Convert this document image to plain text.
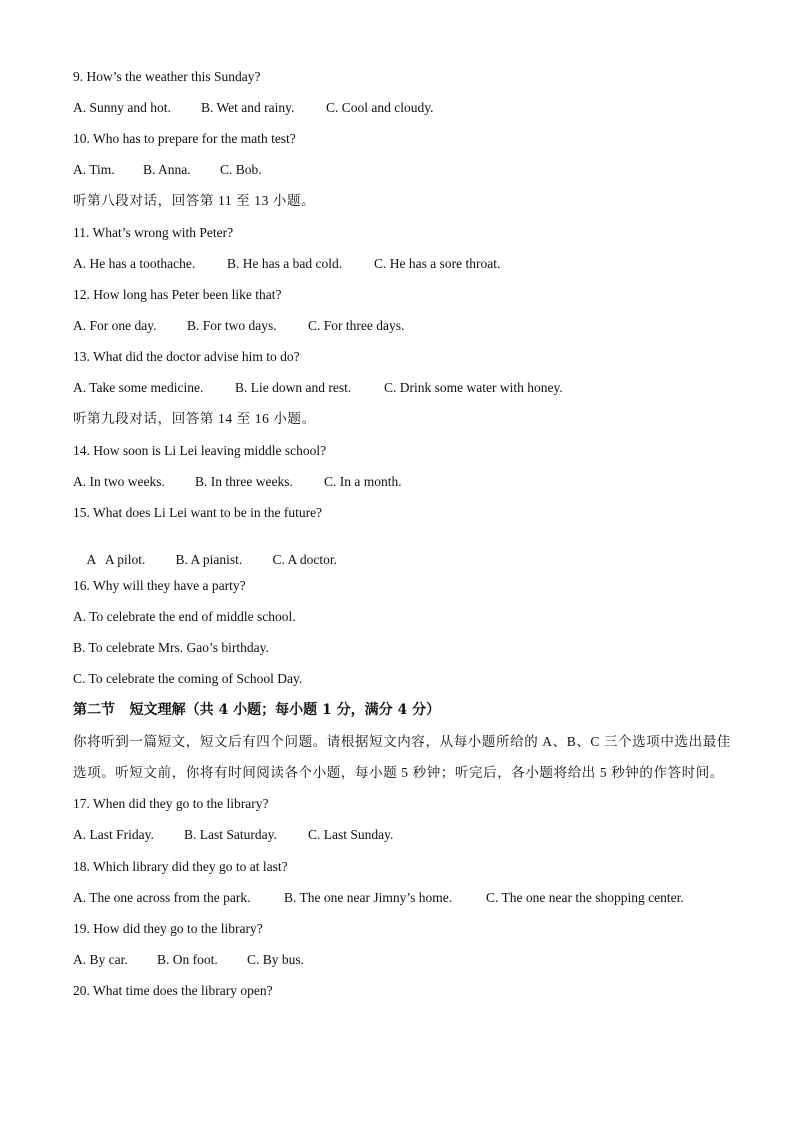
9. How’s the weather this Sunday?
A. Sunny and hot. B. Wet and rainy. C. Cool and cloudy.
10. Who has to prepare for the math test?
A. Tim. B. Anna. C. Bob.
听第八段对话，回答第 11 至 13 小题。
11. What’s wrong with Peter?
A. He has a toothache. B. He has a bad cold. C. He has a sore throat.
12. How long has Peter been like that?
A. For one day. B. For two days. C. For three days.
13. What did the doctor advise him to do?
A. Take some medicine. B. Lie down and rest. C. Drink some water with honey.
听第九段对话，回答第 14 至 16 小题。
14. How soon is Li Lei leaving middle school?
A. In two weeks. B. In three weeks. C. In a month.
15. What does Li Lei want to be in the future?

A   A pilot. B. A pianist. C. A doctor.

·
16. Why will they have a party?
A. To celebrate the end of middle school.
B. To celebrate Mrs. Gao’s birthday.
C. To celebrate the coming of School Day.
第二节   短文理解（共 4 小题；每小题 1 分，满分 4 分）
你将听到一篇短文，短文后有四个问题。请根据短文内容，从每小题所给的 A、B、C 三个选项中选出最佳
选项。听短文前，你将有时间阅读各个小题，每小题 5 秒钟；听完后，各小题将给出 5 秒钟的作答时间。
17. When did they go to the library?
A. Last Friday. B. Last Saturday. C. Last Sunday.
18. Which library did they go to at last?
A. The one across from the park. B. The one near Jimny’s home.	C. The one near the shopping center.
19. How did they go to the library?
A. By car. B. On foot. C. By bus.
20. What time does the library open?
